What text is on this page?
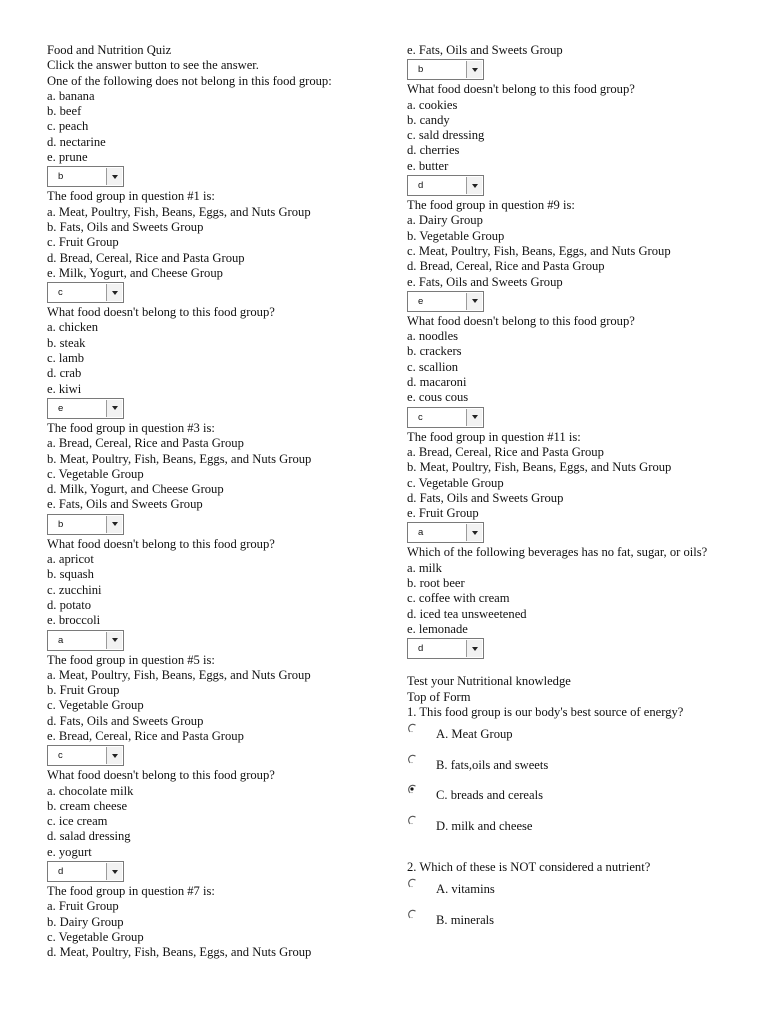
Food and Nutrition Quiz
Click the answer button to see the answer.
One of the following does not belong in this food group:
a. banana
b. beef
c. peach
d. nectarine
e. prune
b
The food group in question #1 is:
a. Meat, Poultry, Fish, Beans, Eggs, and Nuts Group
b. Fats, Oils and Sweets Group
c. Fruit Group
d. Bread, Cereal, Rice and Pasta Group
e. Milk, Yogurt, and Cheese Group
c
What food doesn't belong to this food group?
a. chicken
b. steak
c. lamb
d. crab
e. kiwi
e
The food group in question #3 is:
a. Bread, Cereal, Rice and Pasta Group
b. Meat, Poultry, Fish, Beans, Eggs, and Nuts Group
c. Vegetable Group
d. Milk, Yogurt, and Cheese Group
e. Fats, Oils and Sweets Group
b
What food doesn't belong to this food group?
a. apricot
b. squash
c. zucchini
d. potato
e. broccoli
a
The food group in question #5 is:
a. Meat, Poultry, Fish, Beans, Eggs, and Nuts Group
b. Fruit Group
c. Vegetable Group
d. Fats, Oils and Sweets Group
e. Bread, Cereal, Rice and Pasta Group
c
What food doesn't belong to this food group?
a. chocolate milk
b. cream cheese
c. ice cream
d. salad dressing
e. yogurt
d
The food group in question #7 is:
a. Fruit Group
b. Dairy Group
c. Vegetable Group
d. Meat, Poultry, Fish, Beans, Eggs, and Nuts Group
e. Fats, Oils and Sweets Group
b
What food doesn't belong to this food group?
a. cookies
b. candy
c. sald dressing
d. cherries
e. butter
d
The food group in question #9 is:
a. Dairy Group
b. Vegetable Group
c. Meat, Poultry, Fish, Beans, Eggs, and Nuts Group
d. Bread, Cereal, Rice and Pasta Group
e. Fats, Oils and Sweets Group
e
What food doesn't belong to this food group?
a. noodles
b. crackers
c. scallion
d. macaroni
e. cous cous
c
The food group in question #11 is:
a. Bread, Cereal, Rice and Pasta Group
b. Meat, Poultry, Fish, Beans, Eggs, and Nuts Group
c. Vegetable Group
d. Fats, Oils and Sweets Group
e. Fruit Group
a
Which of the following beverages has no fat, sugar, or oils?
a. milk
b. root beer
c. coffee with cream
d. iced tea unsweetened
e. lemonade
d
Test your Nutritional knowledge
Top of Form
1. This food group is our body's best source of energy?
A. Meat Group
B. fats,oils and sweets
C. breads and cereals
D. milk and cheese
2. Which of these is NOT considered a nutrient?
A. vitamins
B. minerals
